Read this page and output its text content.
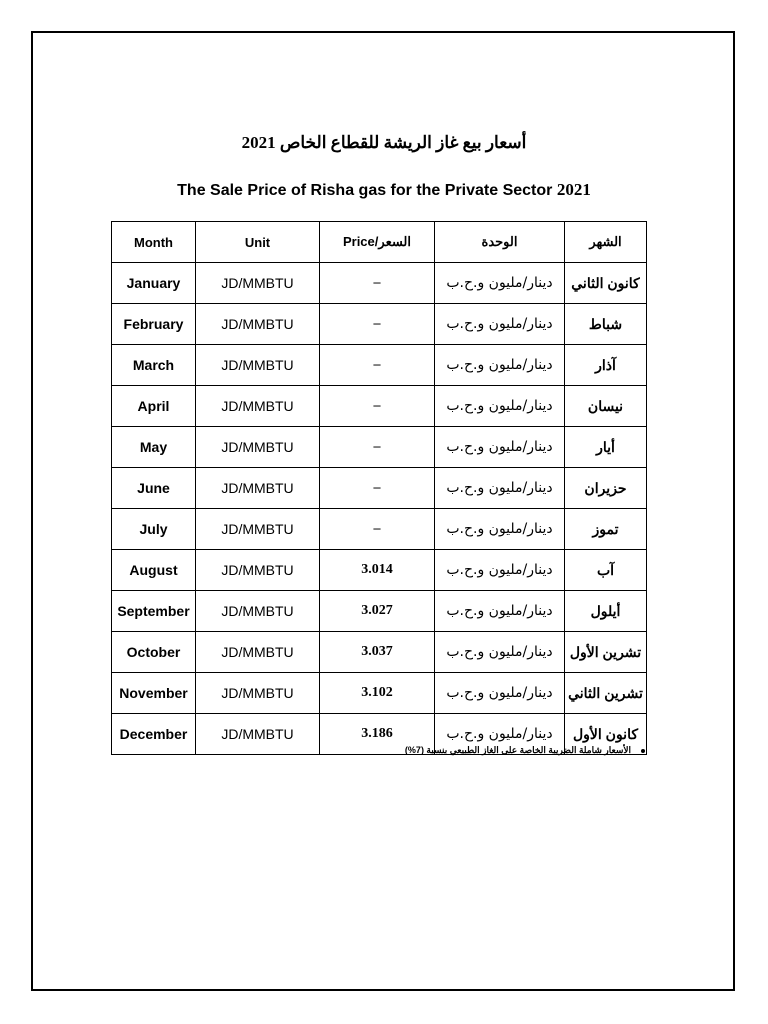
أسعار بيع غاز الريشة للقطاع الخاص 2021
The Sale Price of Risha gas for the Private Sector 2021
Month	Unit	السعر/Price	الوحدة	الشهر
January	JD/MMBTU	–	دينار/مليون و.ح.ب	كانون الثاني
February	JD/MMBTU	–	دينار/مليون و.ح.ب	شباط
March	JD/MMBTU	–	دينار/مليون و.ح.ب	آذار
April	JD/MMBTU	–	دينار/مليون و.ح.ب	نيسان
May	JD/MMBTU	–	دينار/مليون و.ح.ب	أيار
June	JD/MMBTU	–	دينار/مليون و.ح.ب	حزيران
July	JD/MMBTU	–	دينار/مليون و.ح.ب	تموز
August	JD/MMBTU	3.014	دينار/مليون و.ح.ب	آب
September	JD/MMBTU	3.027	دينار/مليون و.ح.ب	أيلول
October	JD/MMBTU	3.037	دينار/مليون و.ح.ب	تشرين الأول
November	JD/MMBTU	3.102	دينار/مليون و.ح.ب	تشرين الثاني
December	JD/MMBTU	3.186	دينار/مليون و.ح.ب	كانون الأول
الأسعار شاملة الضريبة الخاصة على الغاز الطبيعي بنسبة (7%)
